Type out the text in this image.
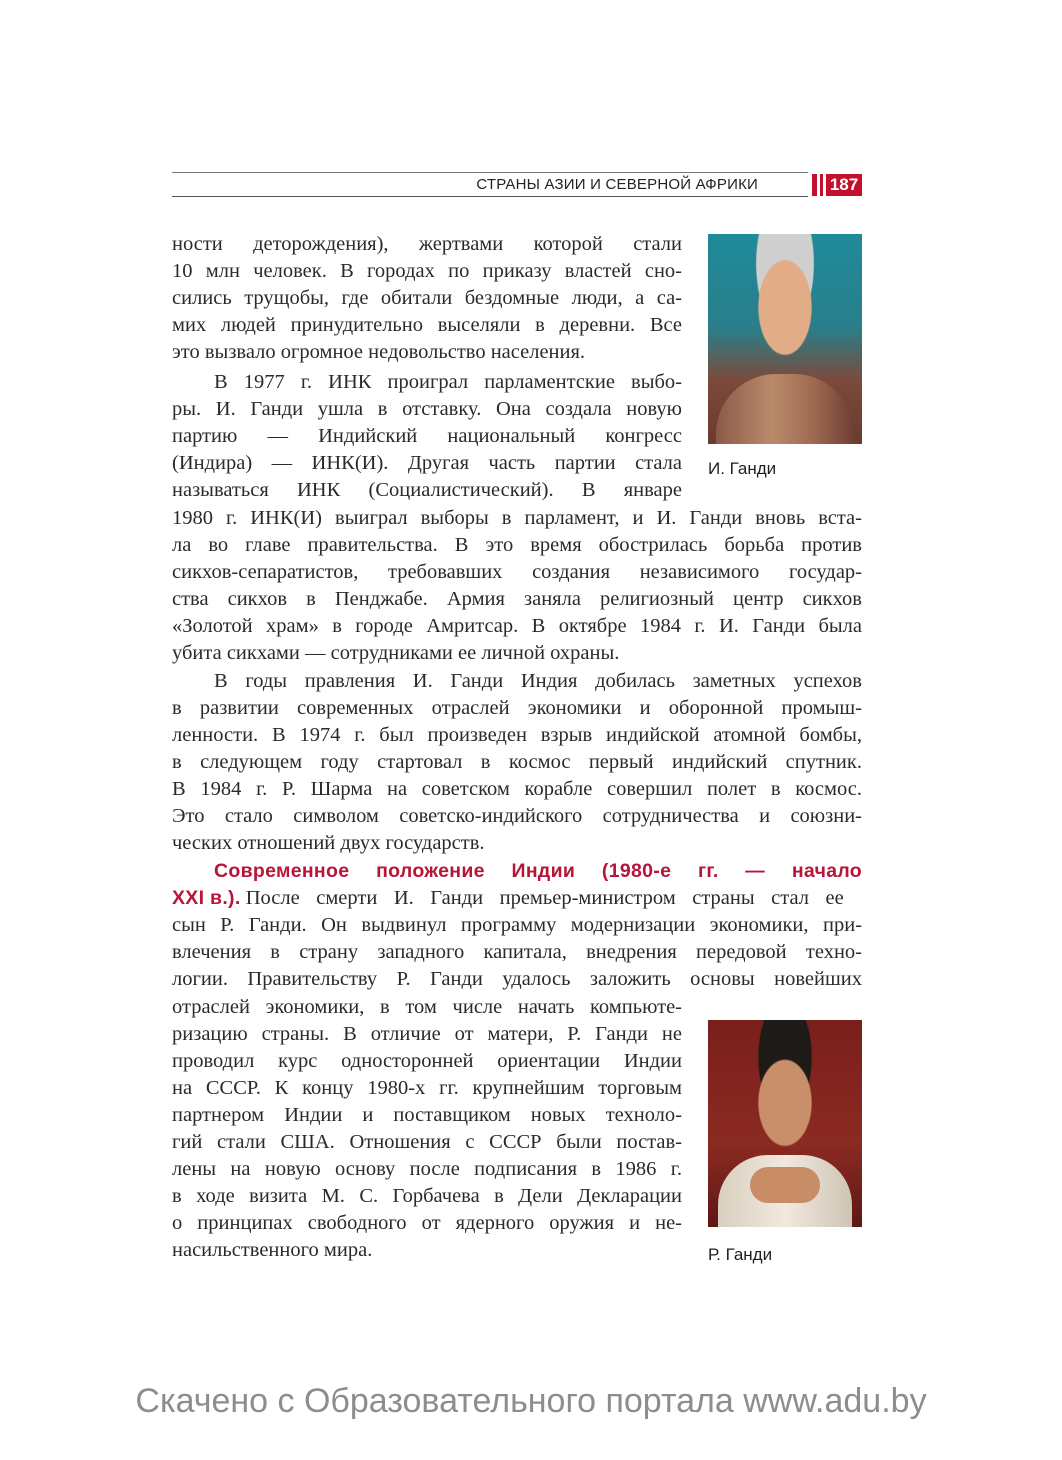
СТРАНЫ АЗИИ И СЕВЕРНОЙ АФРИКИ	187
И. Ганди
Р. Ганди
ности деторождения), жертвами которой стали
10 млн человек. В городах по приказу властей сно-
сились трущобы, где обитали бездомные люди, а са-
мих людей принудительно выселяли в деревни. Все
это вызвало огромное недовольство населения.
В 1977 г. ИНК проиграл парламентские выбо-
ры. И. Ганди ушла в отставку. Она создала новую
партию — Индийский национальный конгресс
(Индира) — ИНК(И). Другая часть партии стала
называться ИНК (Социалистический). В январе
1980 г. ИНК(И) выиграл выборы в парламент, и И. Ганди вновь вста-
ла во главе правительства. В это время обострилась борьба против
сикхов-сепаратистов, требовавших создания независимого государ-
ства сикхов в Пенджабе. Армия заняла религиозный центр сикхов
«Золотой храм» в городе Амритсар. В октябре 1984 г. И. Ганди была
убита сикхами — сотрудниками ее личной охраны.
В годы правления И. Ганди Индия добилась заметных успехов
в развитии современных отраслей экономики и оборонной промыш-
ленности. В 1974 г. был произведен взрыв индийской атомной бомбы,
в следующем году стартовал в космос первый индийский спутник.
В 1984 г. Р. Шарма на советском корабле совершил полет в космос.
Это стало символом советско-индийского сотрудничества и союзни-
ческих отношений двух государств.
Современное положение Индии (1980-е гг. — начало
XXI в.). После смерти И. Ганди премьер-министром страны стал ее
сын Р. Ганди. Он выдвинул программу модернизации экономики, при-
влечения в страну западного капитала, внедрения передовой техно-
логии. Правительству Р. Ганди удалось заложить основы новейших
отраслей экономики, в том числе начать компьюте-
ризацию страны. В отличие от матери, Р. Ганди не
проводил курс односторонней ориентации Индии
на СССР. К концу 1980-х гг. крупнейшим торговым
партнером Индии и поставщиком новых техноло-
гий стали США. Отношения с СССР были постав-
лены на новую основу после подписания в 1986 г.
в ходе визита М. С. Горбачева в Дели Декларации
о принципах свободного от ядерного оружия и не-
насильственного мира.
Скачено с Образовательного портала www.adu.by
